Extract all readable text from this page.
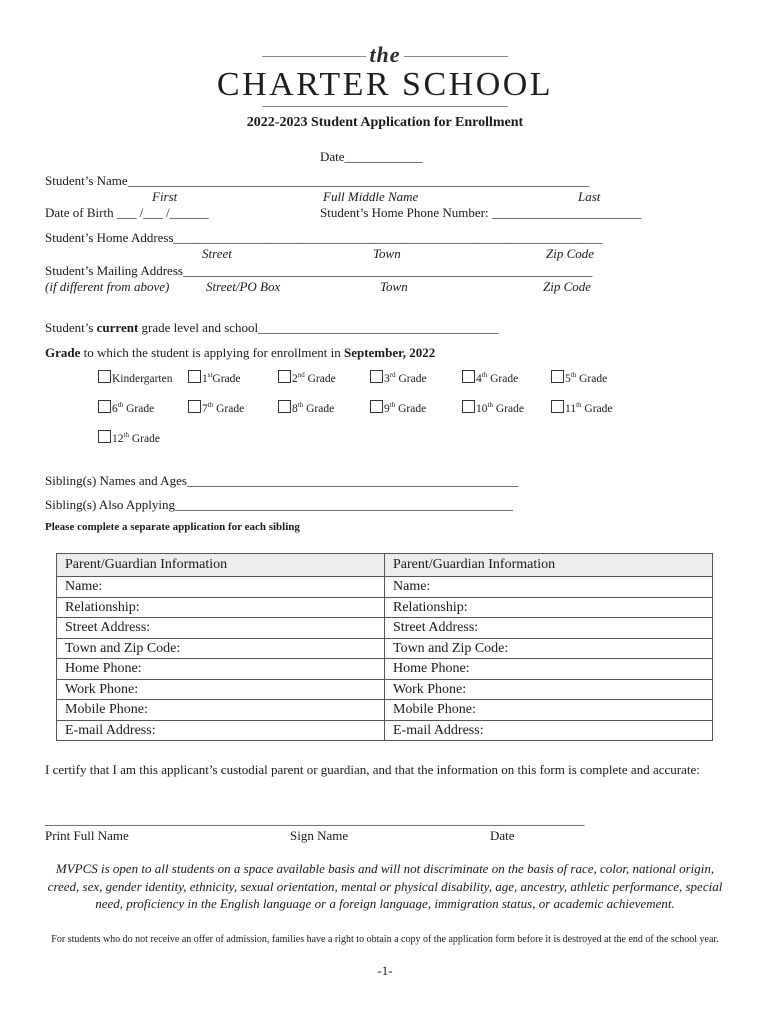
the
CHARTER SCHOOL
2022-2023 Student Application for Enrollment
Date____________
Student’s Name_______________________________________________________________________
First	Full Middle Name	Last
Date of Birth ___ /___ /______	Student’s Home Phone Number: _______________________
Student’s Home Address__________________________________________________________________
Street	Town	Zip Code
Student’s Mailing Address_______________________________________________________________
(if different from above)	Street/PO Box	Town	Zip Code
Student’s current grade level and school_____________________________________
Grade to which the student is applying for enrollment in September, 2022
Kindergarten	1stGrade	2nd Grade	3rd Grade	4th Grade	5th Grade
6th Grade	7th Grade	8th Grade	9th Grade	10th Grade	11th Grade
12th Grade
Sibling(s) Names and Ages___________________________________________________
Sibling(s) Also Applying____________________________________________________
Please complete a separate application for each sibling
Parent/Guardian Information	Parent/Guardian Information
Name:	Name:
Relationship:	Relationship:
Street Address:	Street Address:
Town and Zip Code:	Town and Zip Code:
Home Phone:	Home Phone:
Work Phone:	Work Phone:
Mobile Phone:	Mobile Phone:
E-mail Address:	E-mail Address:
I certify that I am this applicant’s custodial parent or guardian, and that the information on this form is complete and accurate:
___________________________________________________________________________________
Print Full Name	Sign Name	Date
MVPCS is open to all students on a space available basis and will not discriminate on the basis of race, color, national origin, creed, sex, gender identity, ethnicity, sexual orientation, mental or physical disability, age, ancestry, athletic performance, special need, proficiency in the English language or a foreign language, immigration status, or academic achievement.
For students who do not receive an offer of admission, families have a right to obtain a copy of the application form before it is destroyed at the end of the school year.
-1-
